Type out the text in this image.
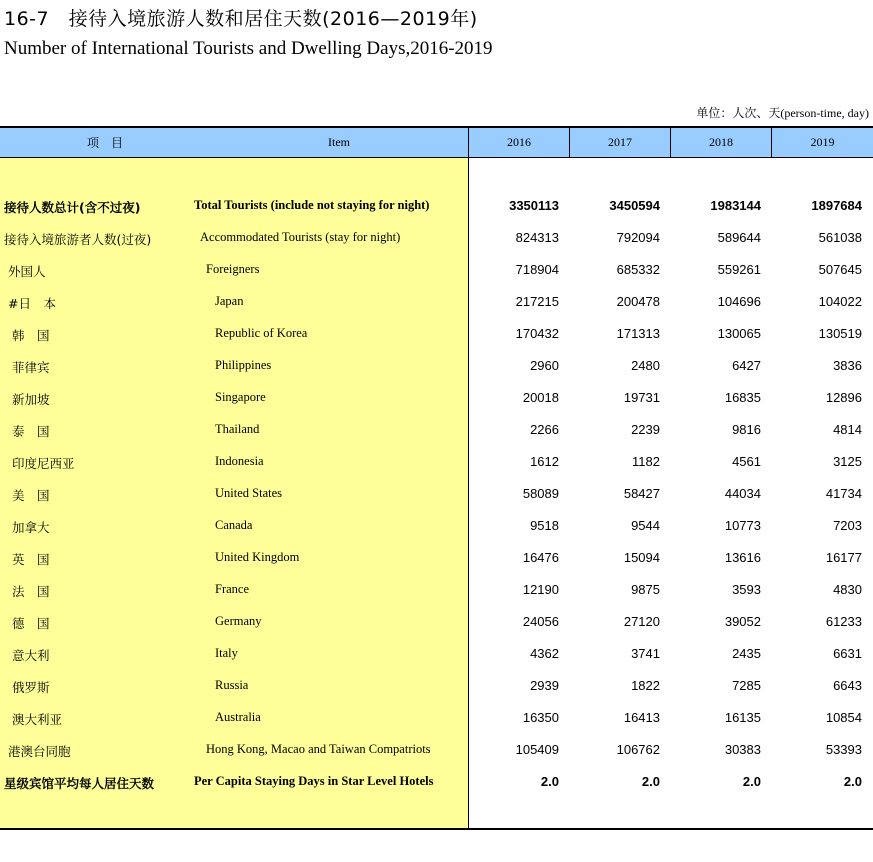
16-7　接待入境旅游人数和居住天数(2016—2019年)
Number of International Tourists and Dwelling Days,2016-2019
单位：人次、天(person-time, day)
项　目	Item	2016	2017	2018	2019
接待人数总计(含不过夜)	Total Tourists (include not staying for night)	3350113	3450594	1983144	1897684
接待入境旅游者人数(过夜)	Accommodated Tourists (stay for night)	824313	792094	589644	561038
外国人	Foreigners	718904	685332	559261	507645
#日　本	Japan	217215	200478	104696	104022
韩　国	Republic of Korea	170432	171313	130065	130519
菲律宾	Philippines	2960	2480	6427	3836
新加坡	Singapore	20018	19731	16835	12896
泰　国	Thailand	2266	2239	9816	4814
印度尼西亚	Indonesia	1612	1182	4561	3125
美　国	United States	58089	58427	44034	41734
加拿大	Canada	9518	9544	10773	7203
英　国	United Kingdom	16476	15094	13616	16177
法　国	France	12190	9875	3593	4830
德　国	Germany	24056	27120	39052	61233
意大利	Italy	4362	3741	2435	6631
俄罗斯	Russia	2939	1822	7285	6643
澳大利亚	Australia	16350	16413	16135	10854
港澳台同胞	Hong Kong, Macao and Taiwan Compatriots	105409	106762	30383	53393
星级宾馆平均每人居住天数	Per Capita Staying Days in Star Level Hotels	2.0	2.0	2.0	2.0
